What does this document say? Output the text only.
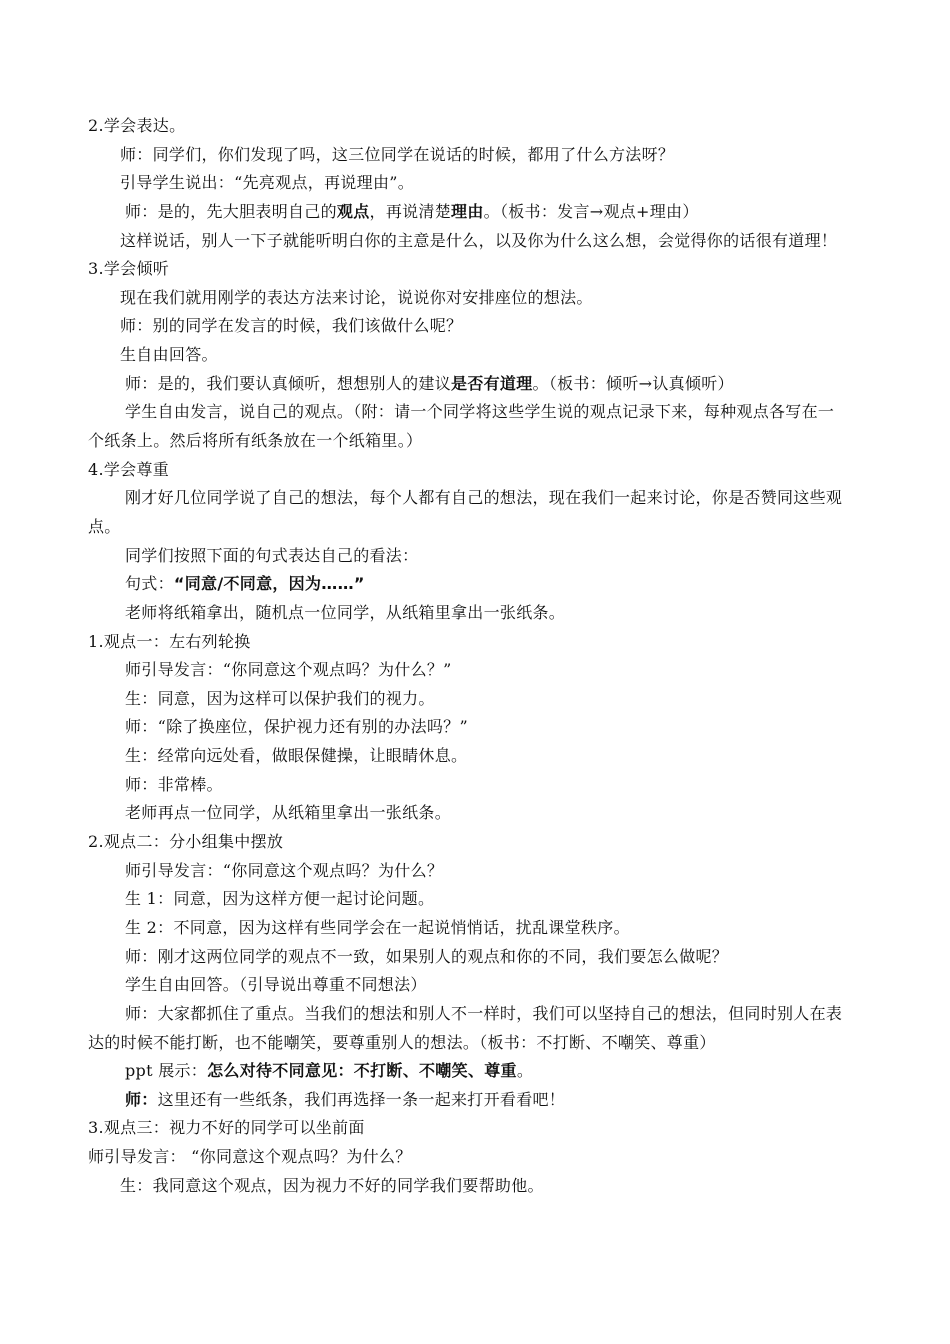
2.学会表达。
师：同学们，你们发现了吗，这三位同学在说话的时候，都用了什么方法呀？
引导学生说出：“先亮观点，再说理由”。
师：是的，先大胆表明自己的观点，再说清楚理由。（板书：发言→观点+理由）
这样说话，别人一下子就能听明白你的主意是什么，以及你为什么这么想，会觉得你的话很有道理！
3.学会倾听
现在我们就用刚学的表达方法来讨论，说说你对安排座位的想法。
师：别的同学在发言的时候，我们该做什么呢？
生自由回答。
师：是的，我们要认真倾听，想想别人的建议是否有道理。（板书：倾听→认真倾听）
学生自由发言，说自己的观点。（附：请一个同学将这些学生说的观点记录下来，每种观点各写在一
个纸条上。然后将所有纸条放在一个纸箱里。）
4.学会尊重
刚才好几位同学说了自己的想法，每个人都有自己的想法，现在我们一起来讨论，你是否赞同这些观
点。
同学们按照下面的句式表达自己的看法：
句式：“同意/不同意，因为……”
老师将纸箱拿出，随机点一位同学，从纸箱里拿出一张纸条。
1.观点一：左右列轮换
师引导发言：“你同意这个观点吗？为什么？”
生：同意，因为这样可以保护我们的视力。
师：“除了换座位，保护视力还有别的办法吗？”
生：经常向远处看，做眼保健操，让眼睛休息。
师：非常棒。
老师再点一位同学，从纸箱里拿出一张纸条。
2.观点二：分小组集中摆放
师引导发言：“你同意这个观点吗？为什么？
生 1：同意，因为这样方便一起讨论问题。
生 2：不同意，因为这样有些同学会在一起说悄悄话，扰乱课堂秩序。
师：刚才这两位同学的观点不一致，如果别人的观点和你的不同，我们要怎么做呢？
学生自由回答。（引导说出尊重不同想法）
师：大家都抓住了重点。当我们的想法和别人不一样时，我们可以坚持自己的想法，但同时别人在表
达的时候不能打断，也不能嘲笑，要尊重别人的想法。（板书：不打断、不嘲笑、尊重）
ppt 展示：怎么对待不同意见：不打断、不嘲笑、尊重。
师：这里还有一些纸条，我们再选择一条一起来打开看看吧！
3.观点三：视力不好的同学可以坐前面
师引导发言： “你同意这个观点吗？为什么？
生：我同意这个观点，因为视力不好的同学我们要帮助他。
